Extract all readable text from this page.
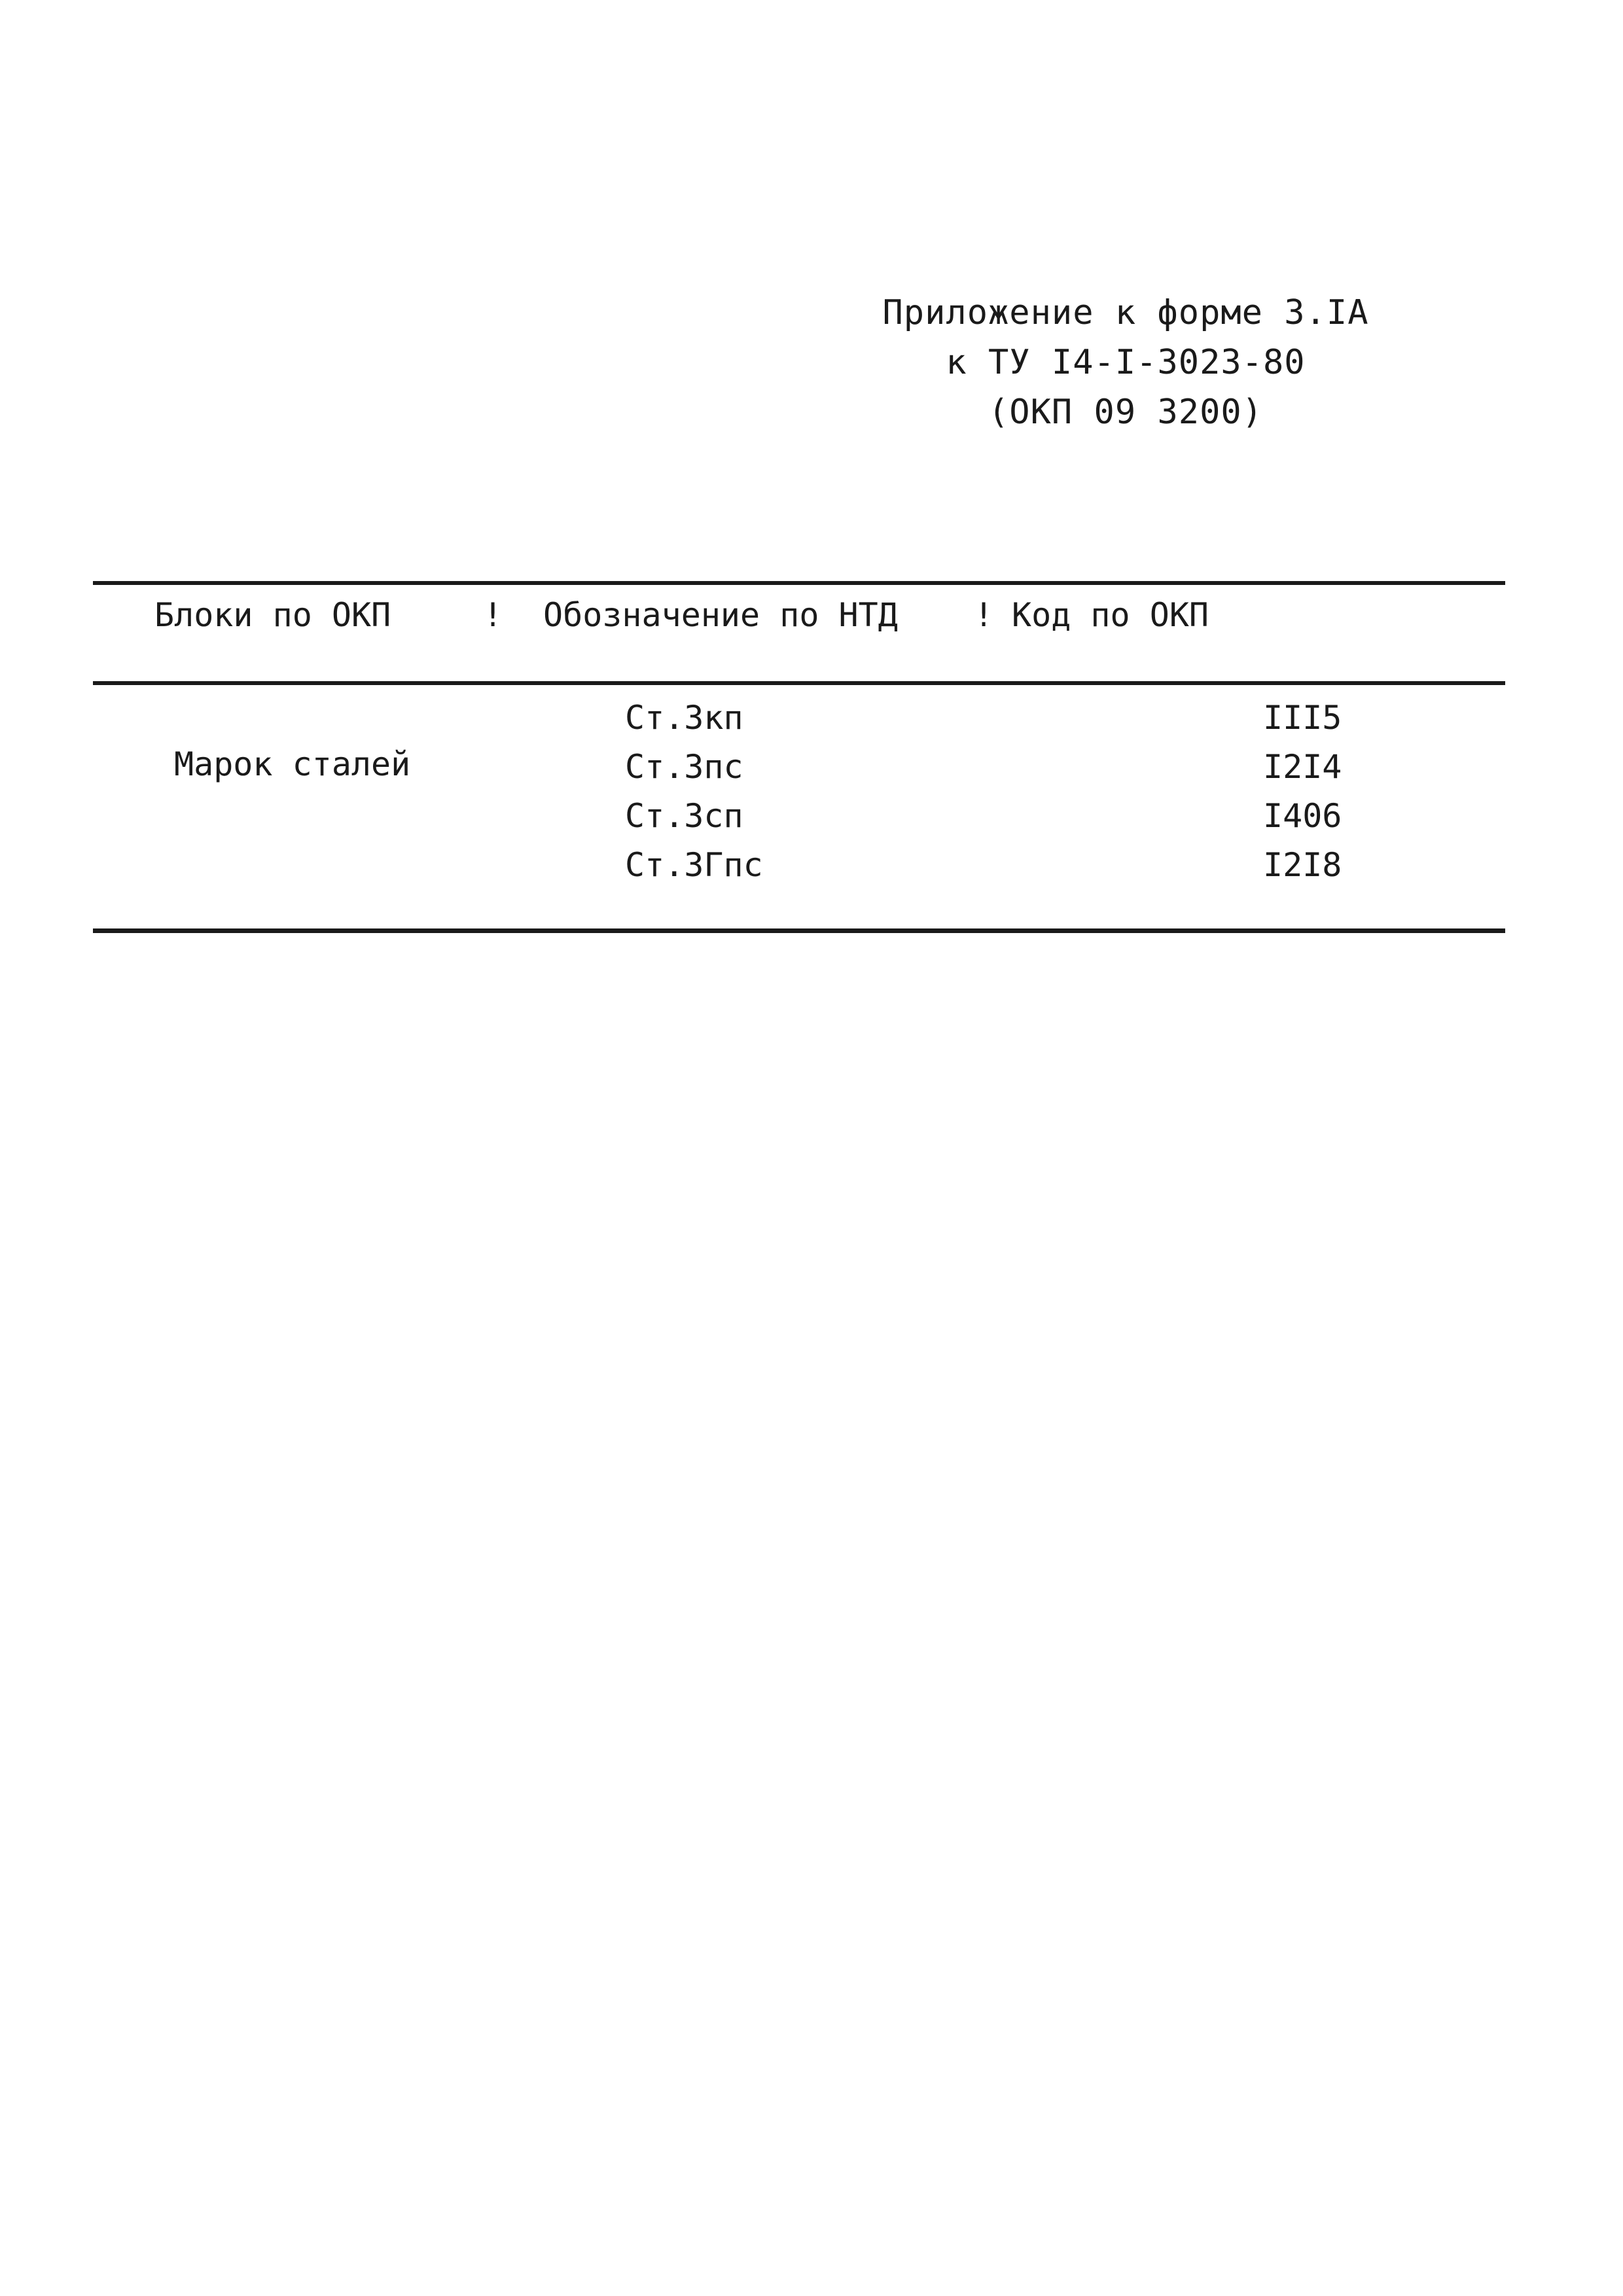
Приложение к форме 3.IA
к ТУ I4-I-3023-80
(ОКП 09 3200)
Блоки по ОКП	! Обозначение по НТД ! Код по ОКП
Марок сталей
Ст.3кп	III5
Ст.3пс	I2I4
Ст.3сп	I406
Ст.3Гпс	I2I8
